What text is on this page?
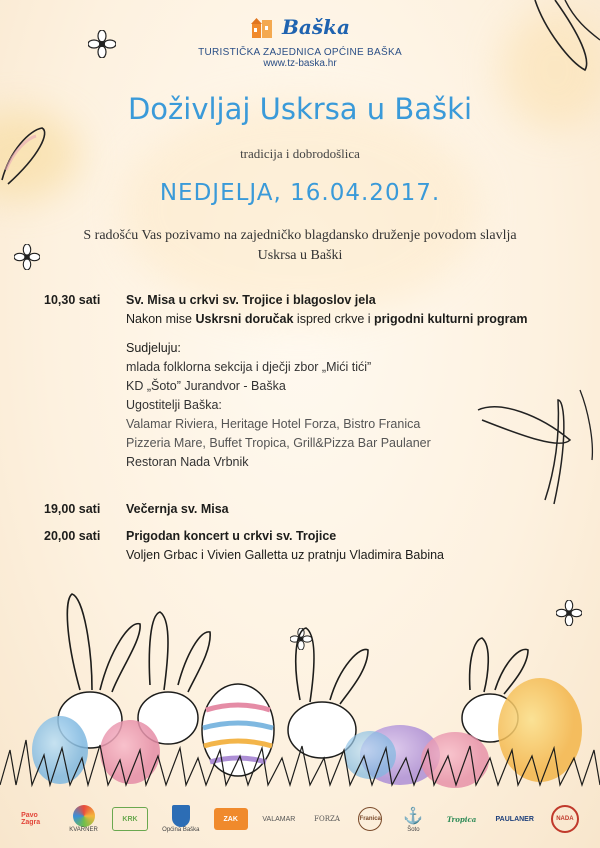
Baška
TURISTIČKA ZAJEDNICA OPĆINE BAŠKA
www.tz-baska.hr
Doživljaj Uskrsa u Baški
tradicija i dobrodošlica
NEDJELJA, 16.04.2017.
S radošću Vas pozivamo na zajedničko blagdansko druženje povodom slavlja Uskrsa u Baški
10,30 sati	Sv. Misa u crkvi sv. Trojice i blagoslov jela
Nakon mise Uskrsni doručak ispred crkve i prigodni kulturni program
Sudjeluju:
mlada folklorna sekcija i dječji zbor „Mići tići”
KD „Šoto” Jurandvor - Baška
Ugostitelji Baška:
Valamar Riviera, Heritage Hotel Forza, Bistro Franica
Pizzeria Mare, Buffet Tropica, Grill&Pizza Bar Paulaner
Restoran Nada Vrbnik
19,00 sati	Večernja sv. Misa
20,00 sati	Prigodan koncert u crkvi sv. Trojice
Voljen Grbac i Vivien Galletta uz pratnju Vladimira Babina
Pavo Zagra
KVARNER
KRK
Općina Baška
ZAK	VALAMAR	FORZA	Franica	⚓
Šoto
Tropica	PAULANER	NADA
